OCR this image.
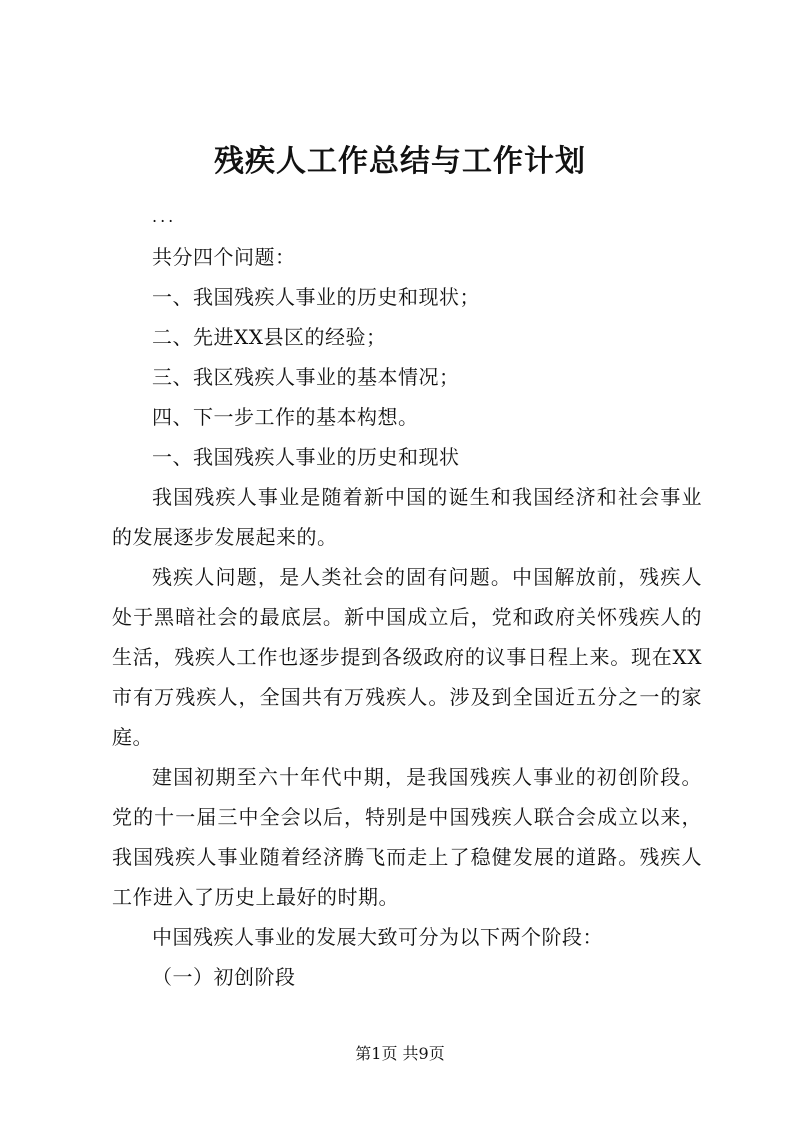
残疾人工作总结与工作计划

...

共分四个问题：

一、我国残疾人事业的历史和现状；

二、先进XX县区的经验；

三、我区残疾人事业的基本情况；

四、下一步工作的基本构想。

一、我国残疾人事业的历史和现状

我国残疾人事业是随着新中国的诞生和我国经济和社会事业的发展逐步发展起来的。

残疾人问题，是人类社会的固有问题。中国解放前，残疾人处于黑暗社会的最底层。新中国成立后，党和政府关怀残疾人的生活，残疾人工作也逐步提到各级政府的议事日程上来。现在XX市有万残疾人，全国共有万残疾人。涉及到全国近五分之一的家庭。

建国初期至六十年代中期，是我国残疾人事业的初创阶段。党的十一届三中全会以后，特别是中国残疾人联合会成立以来，我国残疾人事业随着经济腾飞而走上了稳健发展的道路。残疾人工作进入了历史上最好的时期。

中国残疾人事业的发展大致可分为以下两个阶段：

（一）初创阶段

第1页 共9页
